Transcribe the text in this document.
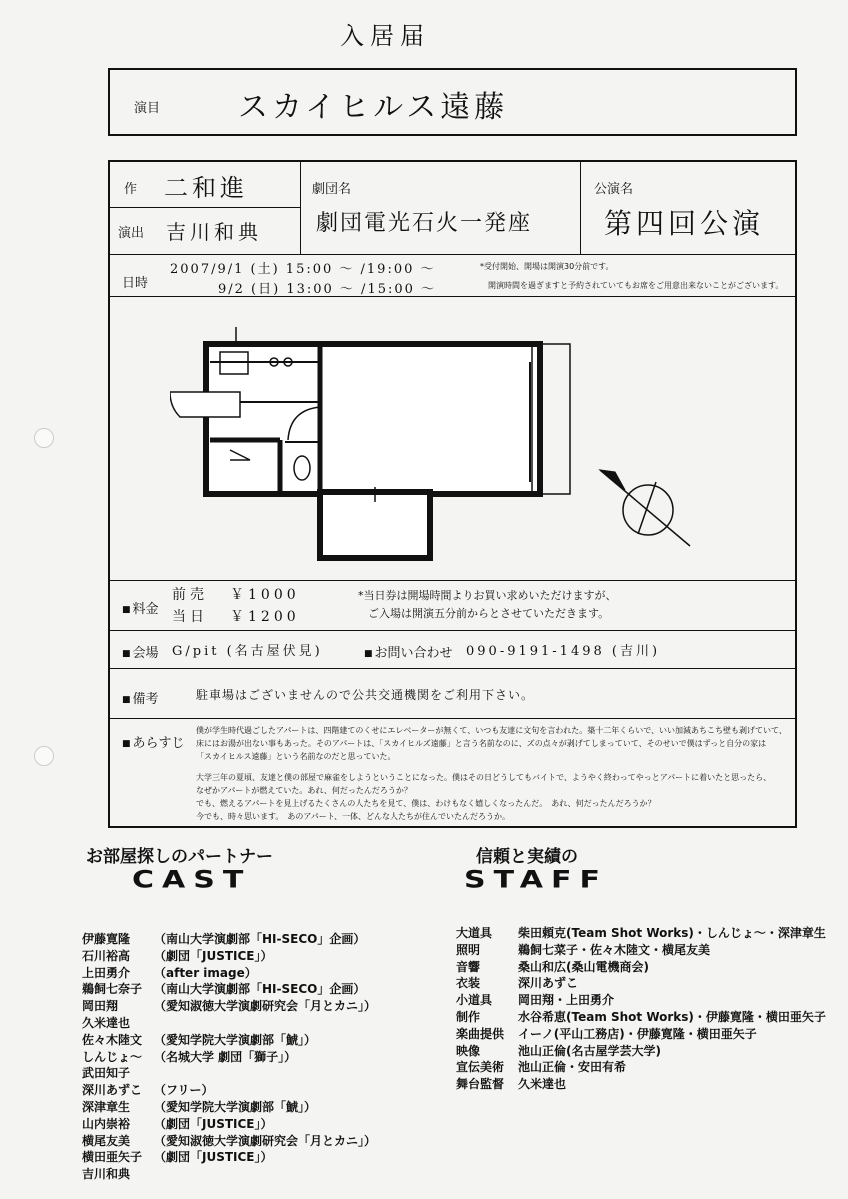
入居届
演目	スカイヒルス遠藤
作 二和進
演出 吉川和典
劇団名
劇団電光石火一発座
公演名
第四回公演
日時
2007/9/1 (土) 15:00 ～ /19:00 ～
9/2 (日) 13:00 ～ /15:00 ～
*受付開始、開場は開演30分前です。
開演時間を過ぎますと予約されていてもお席をご用意出来ないことがございます。
■ 料金
前売 ￥1000
当日 ￥1200
*当日券は開場時間よりお買い求めいただけますが、
ご入場は開演五分前からとさせていただきます。
■ 会場 G/pit (名古屋伏見)
■	お問い合わせ 090-9191-1498 (吉川)
■ 備考	駐車場はございませんので公共交通機関をご利用下さい。
■ あらすじ
僕が学生時代過ごしたアパートは、四階建てのくせにエレベーターが無くて、いつも友達に文句を言われた。築十二年くらいで、いい加減あちこち壁も剥げていて、
床にはお湯が出ない事もあった。そのアパートは、「スカイヒルズ遠藤」と言う名前なのに、ズの点々が剥げてしまっていて、そのせいで僕はずっと自分の家は
「スカイヒルス遠藤」という名前なのだと思っていた。
大学三年の夏頃、友達と僕の部屋で麻雀をしようということになった。僕はその日どうしてもバイトで、ようやく終わってやっとアパートに着いたと思ったら、
なぜかアパートが燃えていた。あれ、何だったんだろうか？
でも、燃えるアパートを見上げるたくさんの人たちを見て、僕は、わけもなく嬉しくなったんだ。　あれ、何だったんだろうか？
今でも、時々思います。　あのアパート、一体、どんな人たちが住んでいたんだろうか。
お部屋探しのパートナー
CAST
信頼と実績の
STAFF
伊藤寛隆 （南山大学演劇部「HI-SECO」企画）
石川裕高 （劇団「JUSTICE」）
上田勇介 （after image）
鵜飼七奈子 （南山大学演劇部「HI-SECO」企画）
岡田翔	（愛知淑徳大学演劇研究会「月とカニ」）
久米達也
佐々木陸文 （愛知学院大学演劇部「鯱」）
しんじょ～ （名城大学 劇団「獅子」）
武田知子
深川あずこ （フリー）
深津章生 （愛知学院大学演劇部「鯱」）
山内崇裕 （劇団「JUSTICE」）
横尾友美 （愛知淑徳大学演劇研究会「月とカニ」）
横田亜矢子 （劇団「JUSTICE」）
吉川和典
大道具 柴田頼克(Team Shot Works)・しんじょ～・深津章生
照明	鵜飼七菜子・佐々木陸文・横尾友美
音響	桑山和広(桑山電機商会)
衣装	深川あずこ
小道具 岡田翔・上田勇介
制作	水谷希恵(Team Shot Works)・伊藤寛隆・横田亜矢子
楽曲提供 イーノ(平山工務店)・伊藤寛隆・横田亜矢子
映像	池山正倫(名古屋学芸大学)
宣伝美術 池山正倫・安田有希
舞台監督 久米達也
